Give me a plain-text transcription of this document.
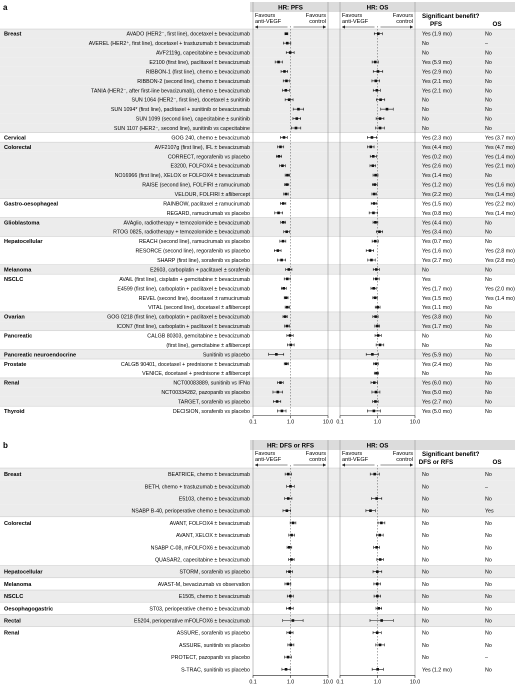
a	HR: PFS	HR: OS
Significant benefit?
PFS	OS
Favours
anti-VEGF
Favours
control
Favours
anti-VEGF
Favours
control
Breast	AVADO (HER2⁻, first line), docetaxel ± bevacizumab	Yes (1.9 mo)	No
AVEREL (HER2⁺, first line), docetaxel + trastuzumab ± bevacizumab	No	–
AVF2119g, capecitabine ± bevacizumab	No	No
E2100 (first line), paclitaxel ± bevacizumab	Yes (5.9 mo)	No
RIBBON-1 (first line), chemo ± bevacizumab	Yes (2.9 mo)	No
RIBBON-2 (second line), chemo ± bevacizumab	Yes (2.1 mo)	No
TANIA (HER2⁻, after first-line bevacizumab), chemo ± bevacizumab	Yes (2.1 mo)	No
SUN 1064 (HER2⁻, first line), docetaxel ± sunitinib	No	No
SUN 1094* (first line), paclitaxel + sunitinib or bevacizumab	No	No
SUN 1099 (second line), capecitabine ± sunitinib	No	No
SUN 1107 (HER2⁻, second line), sunitinib vs capecitabine	No	No
Cervical	GOG 240, chemo ± bevacizumab	Yes (2.3 mo)	Yes (3.7 mo)
Colorectal	AVF2107g (first line), IFL ± bevacizumab	Yes (4.4 mo)	Yes (4.7 mo)
CORRECT, regorafenib vs placebo	Yes (0.2 mo)	Yes (1.4 mo)
E3200, FOLFOX4 ± bevacizumab	Yes (2.6 mo)	Yes (2.1 mo)
NO16966 (first line), XELOX or FOLFOX4 ± bevacizumab	Yes (1.4 mo)	No
RAISE (second line), FOLFIRI ± ramucirumab	Yes (1.2 mo)	Yes (1.6 mo)
VELOUR, FOLFIRI ± aflibercept	Yes (2.2 mo)	Yes (1.4 mo)
Gastro-oesophageal	RAINBOW, paclitaxel ± ramucirumab	Yes (1.5 mo)	Yes (2.2 mo)
REGARD, ramucirumab vs placebo	Yes (0.8 mo)	Yes (1.4 mo)
Glioblastoma	AVAglio, radiotherapy + temozolomide ± bevacizumab	Yes (4.4 mo)	No
RTOG 0825, radiotherapy + temozolomide ± bevacizumab	Yes (3.4 mo)	No
Hepatocellular	REACH (second line), ramucirumab vs placebo	Yes (0.7 mo)	No
RESORCE (second line), regorafenib vs placebo	Yes (1.6 mo)	Yes (2.8 mo)
SHARP (first line), sorafenib vs placebo	Yes (2.7 mo)	Yes (2.8 mo)
Melanoma	E2603, carboplatin + paclitaxel ± sorafenib	No	No
NSCLC	AVAiL (first line), cisplatin + gemcitabine ± bevacizumab	Yes	No
E4599 (first line), carboplatin + paclitaxel ± bevacizumab	Yes (1.7 mo)	Yes (2.0 mo)
REVEL (second line), docetaxel ± ramucirumab	Yes (1.5 mo)	Yes (1.4 mo)
VITAL (second line), docetaxel ± aflibercept	Yes (1.1 mo)	No
Ovarian	GOG 0218 (first line), carboplatin + paclitaxel ± bevacizumab	Yes (3.8 mo)	No
ICON7 (first line), carboplatin + paclitaxel ± bevacizumab	Yes (1.7 mo)	No
Pancreatic	CALGB 80303, gemcitabine ± bevacizumab	No	No
(first line), gemcitabine ± aflibercept	No	No
Pancreatic neuroendocrine	Sunitinib vs placebo	Yes (5.9 mo)	No
Prostate	CALGB 90401, docetaxel + prednisone ± bevacizumab	Yes (2.4 mo)	No
VENICE, docetaxel + prednisone ± aflibercept	No	No
Renal	NCT00083889, sunitinib vs IFNα	Yes (6.0 mo)	No
NCT00334282, pazopanib vs placebo	Yes (5.0 mo)	No
TARGET, sorafenib vs placebo	Yes (2.7 mo)	No
Thyroid	DECISION, sorafenib vs placebo	Yes (5.0 mo)	No
0.1	1.0	10.0 0.1	1.0	10.0
b	HR: DFS or RFS	HR: OS
Significant benefit?
DFS or RFS	OS
Favours
anti-VEGF
Favours
control
Favours
anti-VEGF
Favours
control
Breast	BEATRICE, chemo ± bevacizumab	No	No
BETH, chemo + trastuzumab ± bevacizumab	No	–
E5103, chemo ± bevacizumab	No	No
NSABP B-40, perioperative chemo ± bevacizumab	No	Yes
Colorectal	AVANT, FOLFOX4 ± bevacizumab	No	No
AVANT, XELOX ± bevacizumab	No	No
NSABP C-08, mFOLFOX6 ± bevacizumab	No	No
QUASAR2, capecitabine ± bevacizumab	No	No
Hepatocellular	STORM, sorafenib vs placebo	No	No
Melanoma	AVAST-M, bevacizumab vs observation	No	No
NSCLC	E1505, chemo ± bevacizumab	No	No
Oesophagogastric	ST03, perioperative chemo ± bevacizumab	No	No
Rectal	E5204, perioperative mFOLFOX6 ± bevacizumab	No	No
Renal	ASSURE, sorafenib vs placebo	No	No
ASSURE, sunitinib vs placebo	No	No
PROTECT, pazopanib vs placebo	No	–
S-TRAC, sunitinib vs placebo	Yes (1.2 mo)	No
0.1	1.0	10.0 0.1	1.0	10.0
